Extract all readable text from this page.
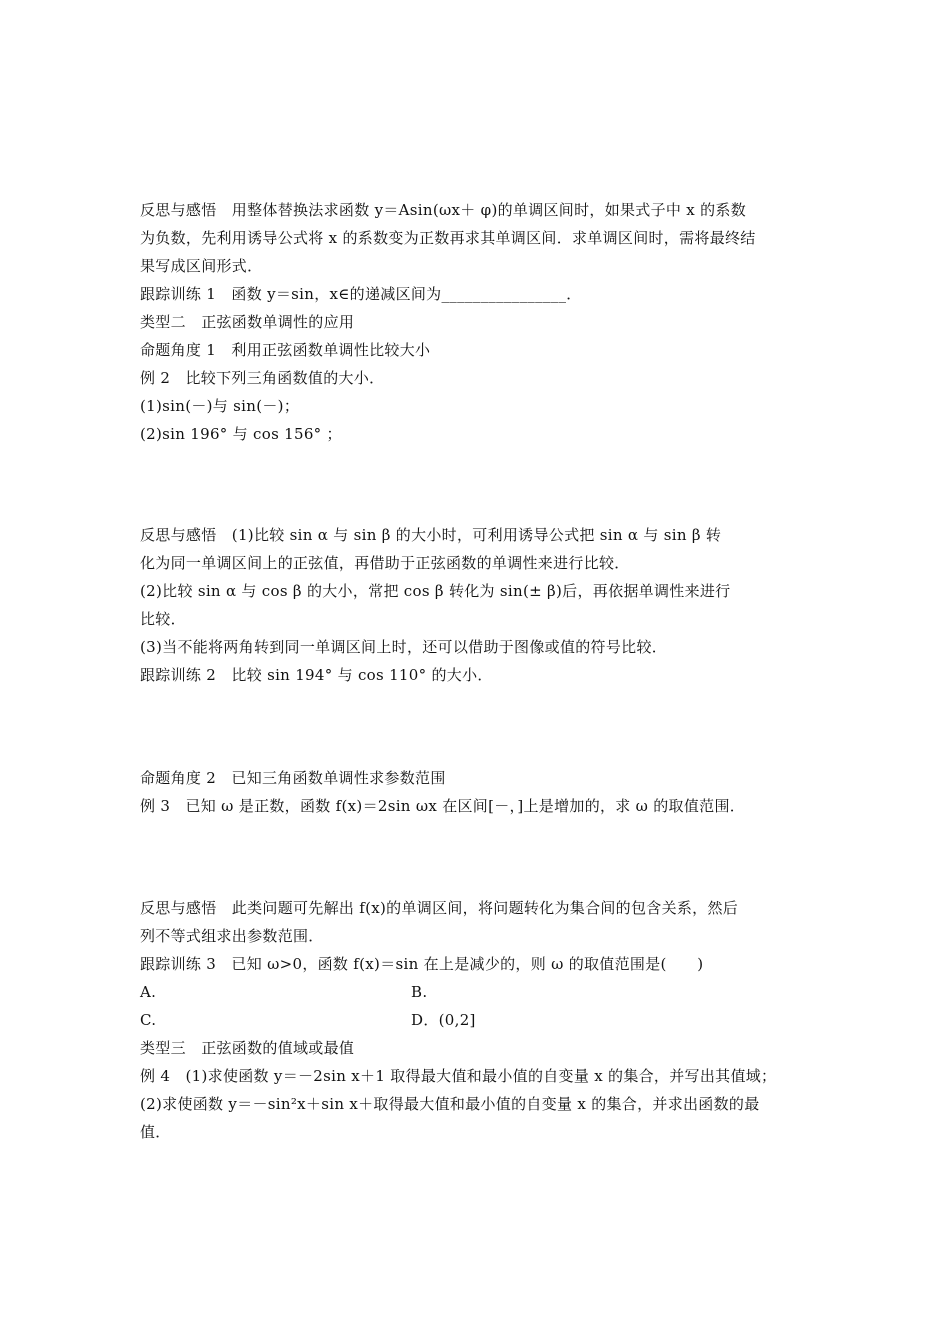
反思与感悟　用整体替换法求函数 y＝Asin(ωx＋ φ)的单调区间时，如果式子中 x 的系数
为负数，先利用诱导公式将 x 的系数变为正数再求其单调区间．求单调区间时，需将最终结
果写成区间形式．
跟踪训练 1　函数 y＝sin，x∈的递减区间为________________．
类型二　正弦函数单调性的应用
命题角度 1　利用正弦函数单调性比较大小
例 2　比较下列三角函数值的大小．
(1)sin(－)与 sin(－)；
(2)sin 196° 与 cos 156° ；
反思与感悟　(1)比较 sin α 与 sin β 的大小时，可利用诱导公式把 sin α 与 sin β 转
化为同一单调区间上的正弦值，再借助于正弦函数的单调性来进行比较．
(2)比较 sin α 与 cos β 的大小，常把 cos β 转化为 sin(± β)后，再依据单调性来进行
比较．
(3)当不能将两角转到同一单调区间上时，还可以借助于图像或值的符号比较．
跟踪训练 2　比较 sin 194° 与 cos 110° 的大小．
命题角度 2　已知三角函数单调性求参数范围
例 3　已知 ω 是正数，函数 f(x)＝2sin ωx 在区间[－，]上是增加的，求 ω 的取值范围．
反思与感悟　此类问题可先解出 f(x)的单调区间，将问题转化为集合间的包含关系，然后
列不等式组求出参数范围．
跟踪训练 3　已知 ω>0，函数 f(x)＝sin 在上是减少的，则 ω 的取值范围是(　　)
A.
C.
类型三　正弦函数的值域或最值
例 4　(1)求使函数 y＝－2sin x＋1 取得最大值和最小值的自变量 x 的集合，并写出其值域；
(2)求使函数 y＝－sin²x＋sin x＋取得最大值和最小值的自变量 x 的集合，并求出函数的最
值．
B.
D．(0,2]
